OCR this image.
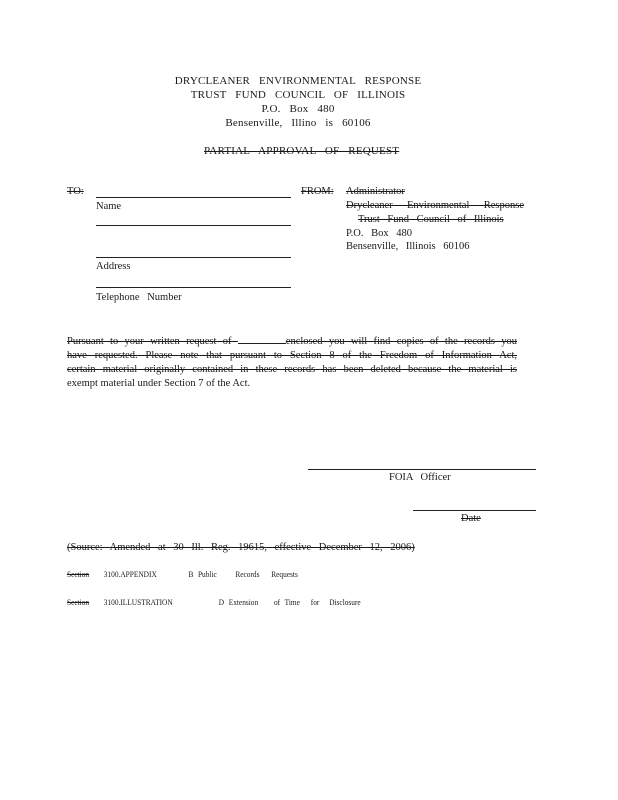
DRYCLEANER ENVIRONMENTAL RESPONSE
TRUST FUND COUNCIL OF ILLINOIS
P.O. Box 480
Bensenville, Illino is 60106
PARTIAL APPROVAL OF REQUEST
TO:
Name
Address
Telephone Number
FROM: Administrator
Drycleaner Environmental Response
Trust Fund Council of Illinois
P.O. Box 480
Bensenville, Illinois 60106
Pursuant to your written request of	enclosed you will find copies of the records you
have requested. Please note that pursuant to Section 8 of the Freedom of Information Act,
certain material originally contained in these records has been deleted because the material is
exempt material under Section 7 of the Act.
FOIA Officer
Date
(Source: Amended at 30 Ill. Reg. 19615, effective December 12, 2006)
Section 3100.APPENDIX	B Public Records Requests
Section 3100.ILLUSTRATION	D Extension of Time for Disclosure
